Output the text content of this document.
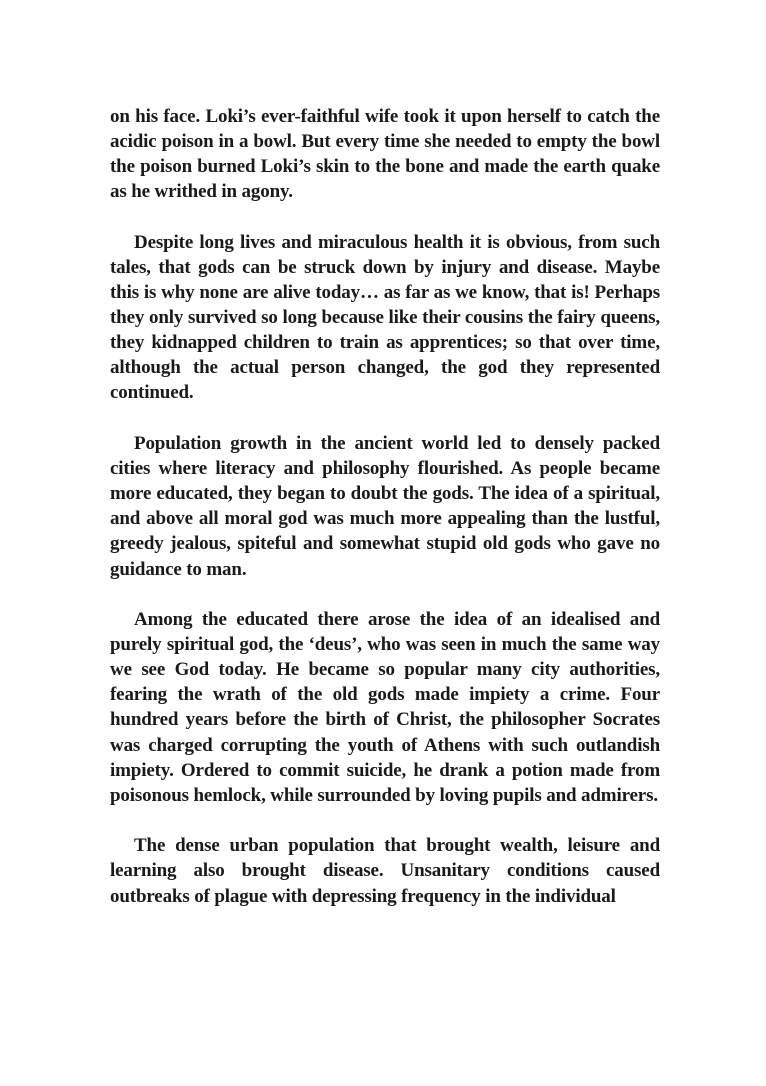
on his face. Loki’s ever-faithful wife took it upon herself to catch the acidic poison in a bowl. But every time she needed to empty the bowl the poison burned Loki’s skin to the bone and made the earth quake as he writhed in agony.

Despite long lives and miraculous health it is obvious, from such tales, that gods can be struck down by injury and disease. Maybe this is why none are alive today… as far as we know, that is! Perhaps they only survived so long because like their cousins the fairy queens, they kidnapped children to train as apprentices; so that over time, although the actual person changed, the god they represented continued.

Population growth in the ancient world led to densely packed cities where literacy and philosophy flourished. As people became more educated, they began to doubt the gods. The idea of a spiritual, and above all moral god was much more appealing than the lustful, greedy jealous, spiteful and somewhat stupid old gods who gave no guidance to man.

Among the educated there arose the idea of an idealised and purely spiritual god, the ‘deus’, who was seen in much the same way we see God today. He became so popular many city authorities, fearing the wrath of the old gods made impiety a crime. Four hundred years before the birth of Christ, the philosopher Socrates was charged corrupting the youth of Athens with such outlandish impiety. Ordered to commit suicide, he drank a potion made from poisonous hemlock, while surrounded by loving pupils and admirers.

The dense urban population that brought wealth, leisure and learning also brought disease. Unsanitary conditions caused outbreaks of plague with depressing frequency in the individual
